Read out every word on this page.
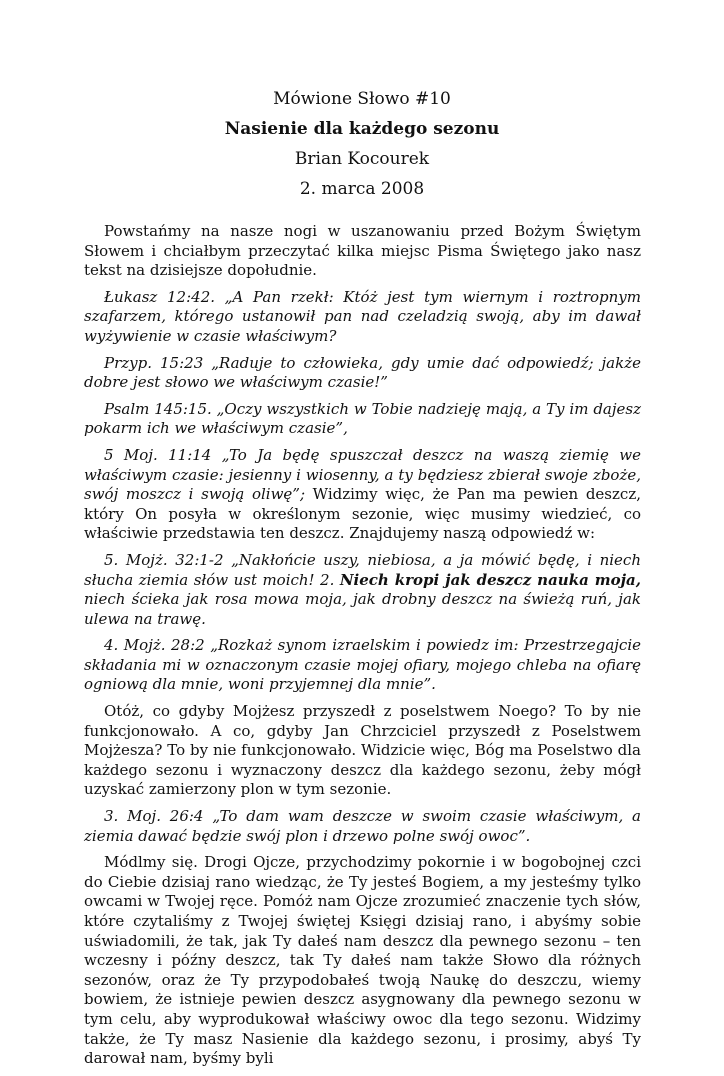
Mówione Słowo #10
Nasienie dla każdego sezonu
Brian Kocourek
2. marca 2008

Powstańmy na nasze nogi w uszanowaniu przed Bożym Świętym Słowem i chciałbym przeczytać kilka miejsc Pisma Świętego jako nasz tekst na dzisiejsze dopołudnie.

Łukasz 12:42. „A Pan rzekł: Któż jest tym wiernym i roztropnym szafarzem, którego ustanowił pan nad czeladzią swoją, aby im dawał wyżywienie w czasie właściwym?

Przyp. 15:23 „Raduje to człowieka, gdy umie dać odpowiedź; jakże dobre jest słowo we właściwym czasie!”

Psalm 145:15. „Oczy wszystkich w Tobie nadzieję mają, a Ty im dajesz pokarm ich we właściwym czasie”,

5 Moj. 11:14 „To Ja będę spuszczał deszcz na waszą ziemię we właściwym czasie: jesienny i wiosenny, a ty będziesz zbierał swoje zboże, swój moszcz i swoją oliwę”; Widzimy więc, że Pan ma pewien deszcz, który On posyła w określonym sezonie, więc musimy wiedzieć, co właściwie przedstawia ten deszcz. Znajdujemy naszą odpowiedź w:

5. Mojż. 32:1-2 „Nakłońcie uszy, niebiosa, a ja mówić będę, i niech słucha ziemia słów ust moich! 2. Niech kropi jak deszcz nauka moja, niech ścieka jak rosa mowa moja, jak drobny deszcz na świeżą ruń, jak ulewa na trawę.

4. Mojż. 28:2 „Rozkaż synom izraelskim i powiedz im: Przestrzegajcie składania mi w oznaczonym czasie mojej ofiary, mojego chleba na ofiarę ogniową dla mnie, woni przyjemnej dla mnie”.

Otóż, co gdyby Mojżesz przyszedł z poselstwem Noego? To by nie funkcjonowało. A co, gdyby Jan Chrzciciel przyszedł z Poselstwem Mojżesza? To by nie funkcjonowało. Widzicie więc, Bóg ma Poselstwo dla każdego sezonu i wyznaczony deszcz dla każdego sezonu, żeby mógł uzyskać zamierzony plon w tym sezonie.

3. Moj. 26:4 „To dam wam deszcze w swoim czasie właściwym, a ziemia dawać będzie swój plon i drzewo polne swój owoc”.

Módlmy się. Drogi Ojcze, przychodzimy pokornie i w bogobojnej czci do Ciebie dzisiaj rano wiedząc, że Ty jesteś Bogiem, a my jesteśmy tylko owcami w Twojej ręce. Pomóż nam Ojcze zrozumieć znaczenie tych słów, które czytaliśmy z Twojej świętej Księgi dzisiaj rano, i abyśmy sobie uświadomili, że tak, jak Ty dałeś nam deszcz dla pewnego sezonu – ten wczesny i późny deszcz, tak Ty dałeś nam także Słowo dla różnych sezonów, oraz że Ty przypodobałeś twoją Naukę do deszczu, wiemy bowiem, że istnieje pewien deszcz asygnowany dla pewnego sezonu w tym celu, aby wyprodukował właściwy owoc dla tego sezonu. Widzimy także, że Ty masz Nasienie dla każdego sezonu, i prosimy, abyś Ty darował nam, byśmy byli
